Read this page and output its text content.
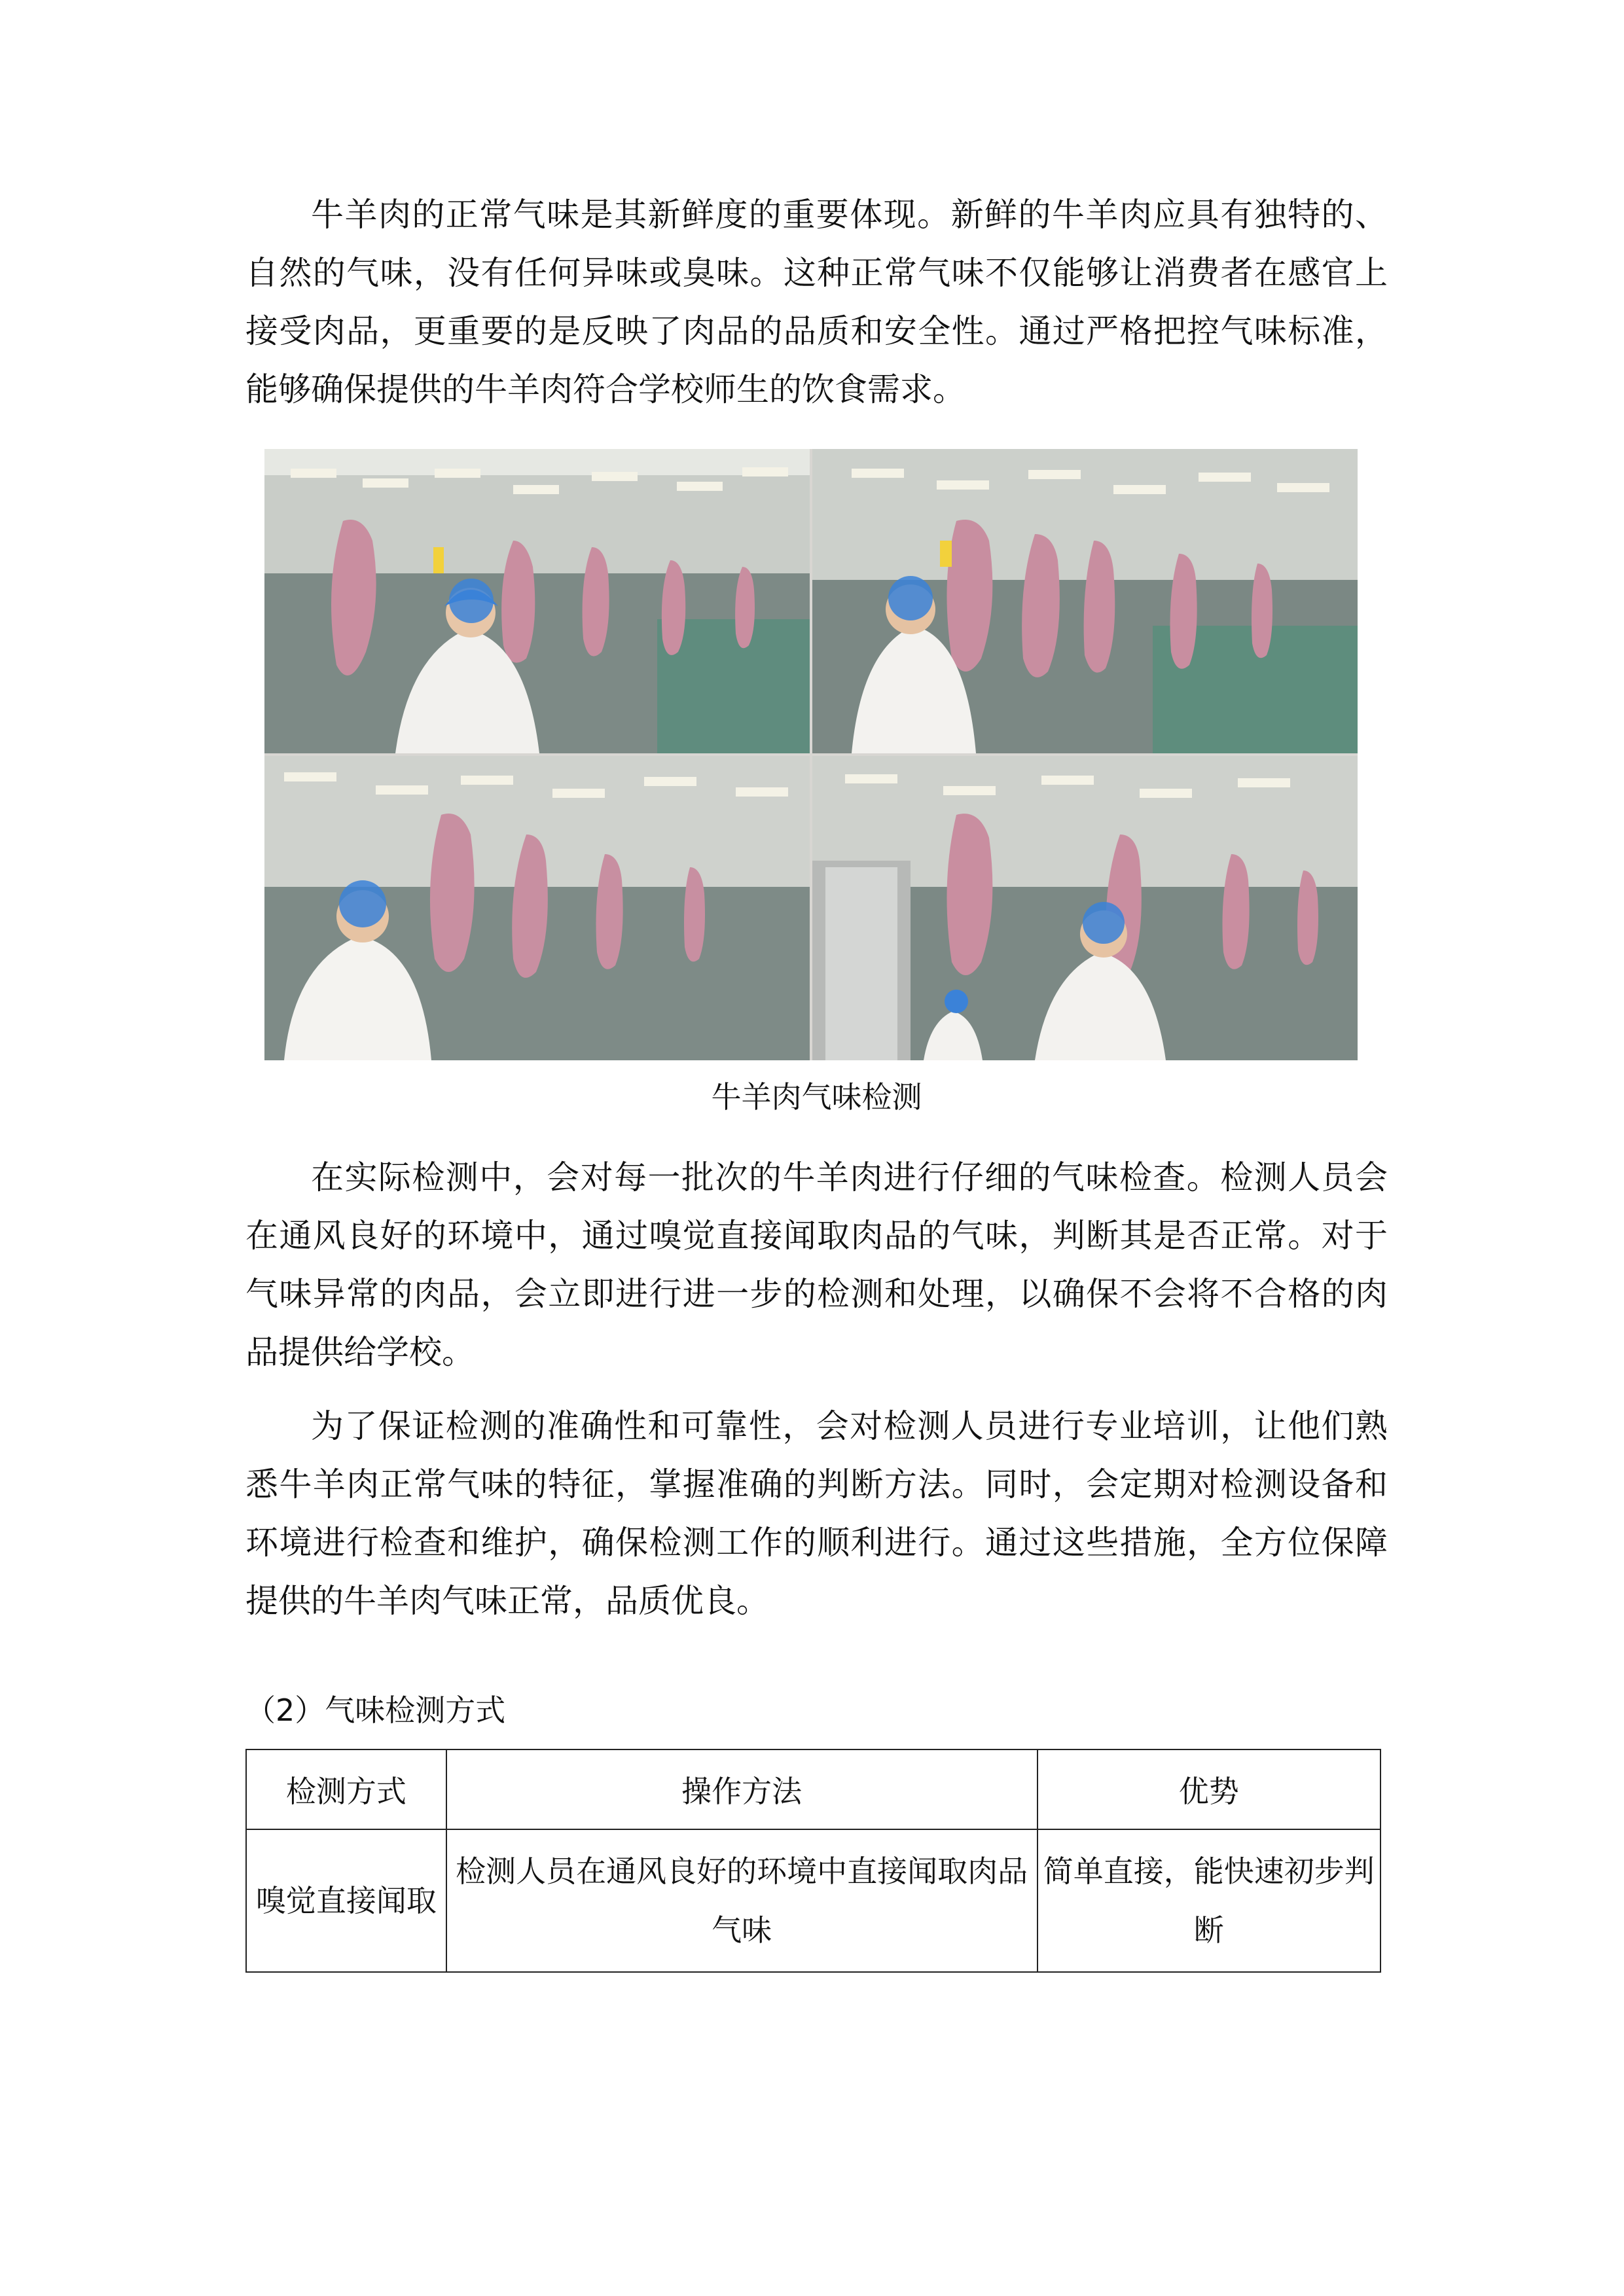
牛羊肉的正常气味是其新鲜度的重要体现。新鲜的牛羊肉应具有独特的、自然的气味，没有任何异味或臭味。这种正常气味不仅能够让消费者在感官上接受肉品，更重要的是反映了肉品的品质和安全性。通过严格把控气味标准，能够确保提供的牛羊肉符合学校师生的饮食需求。

牛羊肉气味检测

在实际检测中，会对每一批次的牛羊肉进行仔细的气味检查。检测人员会在通风良好的环境中，通过嗅觉直接闻取肉品的气味，判断其是否正常。对于气味异常的肉品，会立即进行进一步的检测和处理，以确保不会将不合格的肉品提供给学校。

为了保证检测的准确性和可靠性，会对检测人员进行专业培训，让他们熟悉牛羊肉正常气味的特征，掌握准确的判断方法。同时，会定期对检测设备和环境进行检查和维护，确保检测工作的顺利进行。通过这些措施，全方位保障提供的牛羊肉气味正常，品质优良。

（2）气味检测方式
检测方式	操作方法	优势
嗅觉直接闻取	检测人员在通风良好的环境中直接闻取肉品气味	简单直接，能快速初步判断
